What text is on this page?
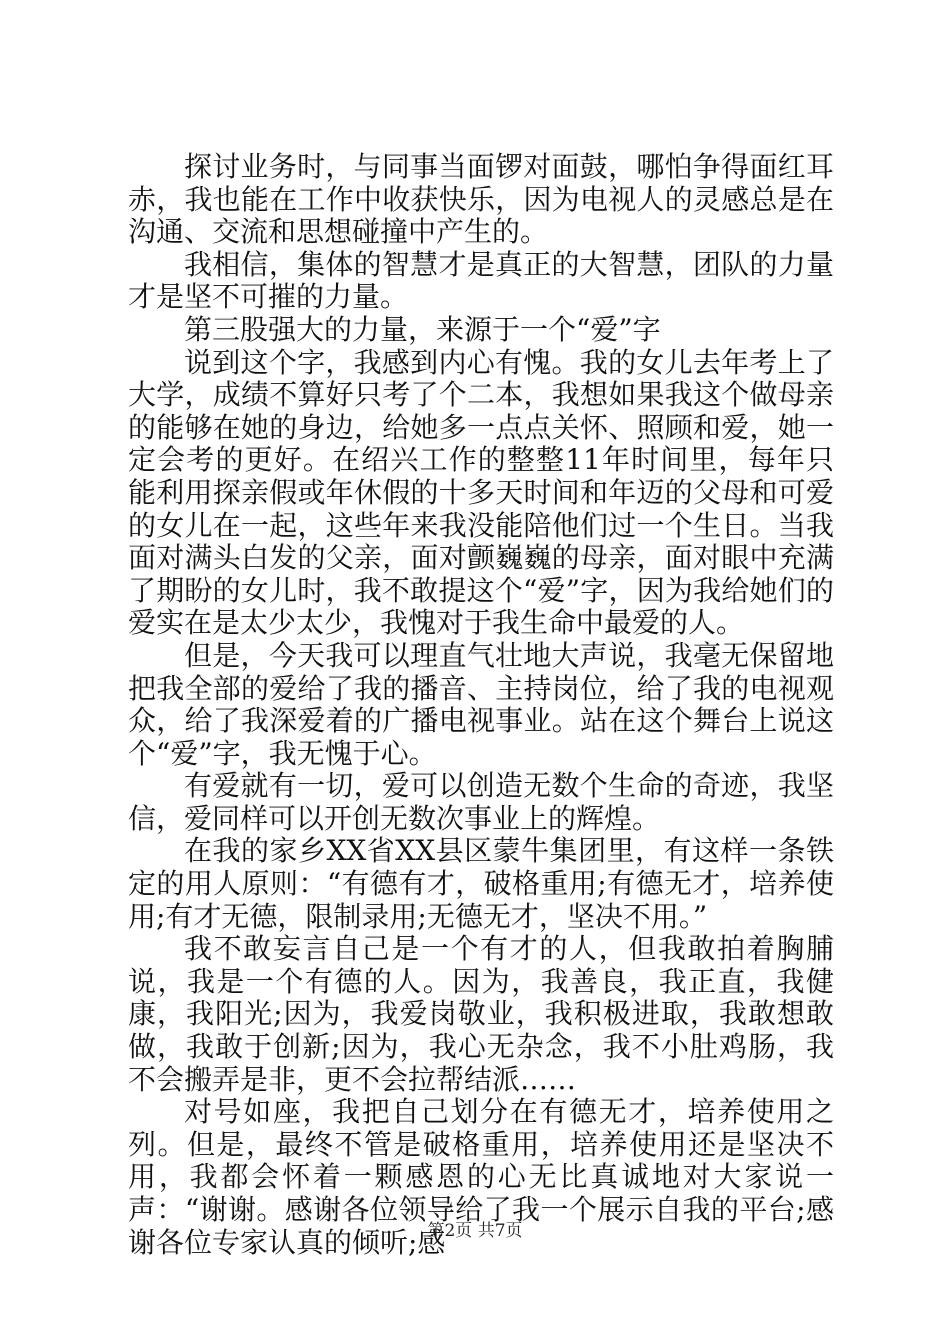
探讨业务时，与同事当面锣对面鼓，哪怕争得面红耳赤，我也能在工作中收获快乐，因为电视人的灵感总是在沟通、交流和思想碰撞中产生的。

我相信，集体的智慧才是真正的大智慧，团队的力量才是坚不可摧的力量。

第三股强大的力量，来源于一个“爱”字

说到这个字，我感到内心有愧。我的女儿去年考上了大学，成绩不算好只考了个二本，我想如果我这个做母亲的能够在她的身边，给她多一点点关怀、照顾和爱，她一定会考的更好。在绍兴工作的整整11年时间里，每年只能利用探亲假或年休假的十多天时间和年迈的父母和可爱的女儿在一起，这些年来我没能陪他们过一个生日。当我面对满头白发的父亲，面对颤巍巍的母亲，面对眼中充满了期盼的女儿时，我不敢提这个“爱”字，因为我给她们的爱实在是太少太少，我愧对于我生命中最爱的人。

但是，今天我可以理直气壮地大声说，我毫无保留地把我全部的爱给了我的播音、主持岗位，给了我的电视观众，给了我深爱着的广播电视事业。站在这个舞台上说这个“爱”字，我无愧于心。

有爱就有一切，爱可以创造无数个生命的奇迹，我坚信，爱同样可以开创无数次事业上的辉煌。

在我的家乡XX省XX县区蒙牛集团里，有这样一条铁定的用人原则：“有德有才，破格重用;有德无才，培养使用;有才无德，限制录用;无德无才，坚决不用。”

我不敢妄言自己是一个有才的人，但我敢拍着胸脯说，我是一个有德的人。因为，我善良，我正直，我健康，我阳光;因为，我爱岗敬业，我积极进取，我敢想敢做，我敢于创新;因为，我心无杂念，我不小肚鸡肠，我不会搬弄是非，更不会拉帮结派……

对号如座，我把自己划分在有德无才，培养使用之列。但是，最终不管是破格重用，培养使用还是坚决不用，我都会怀着一颗感恩的心无比真诚地对大家说一声：“谢谢。感谢各位领导给了我一个展示自我的平台;感谢各位专家认真的倾听;感

第2页 共7页
